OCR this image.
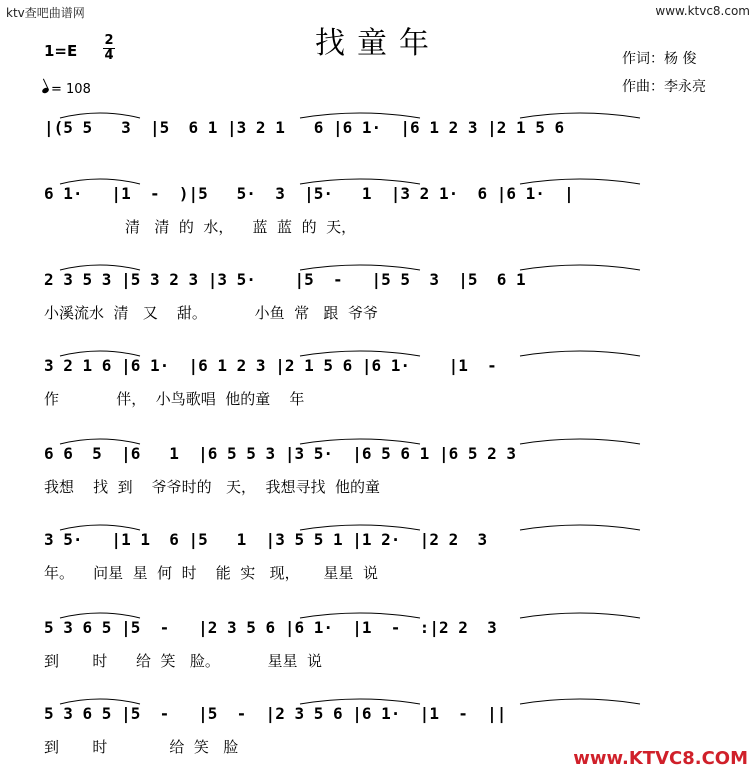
ktv查吧曲谱网	www.ktvc8.com
找童年
1=E
2
4
= 108
作词：杨 俊
作曲：李永亮
|(5 5   3  |5  6 1 |3 2 1   6 |6 1·  |6 1 2 3 |2 1 5 6
6 1·   |1  -  )|5   5·  3  |5·   1  |3 2 1·  6 |6 1·  |
清   清  的  水，    蓝  蓝  的  天，
2 3 5 3 |5 3 2 3 |3 5·    |5  -   |5 5  3  |5  6 1
小溪流水  清   又    甜。          小鱼  常   跟  爷爷
3 2 1 6 |6 1·  |6 1 2 3 |2 1 5 6 |6 1·    |1  -
作            伴，  小鸟歌唱  他的童    年
6 6  5  |6   1  |6 5 5 3 |3 5·  |6 5 6 1 |6 5 2 3
我想    找  到    爷爷时的   天，  我想寻找  他的童
3 5·   |1 1  6 |5   1  |3 5 5 1 |1 2·  |2 2  3
年。    问星  星  何  时    能  实   现，     星星  说
5 3 6 5 |5  -   |2 3 5 6 |6 1·  |1  -  :|2 2  3
到       时      给  笑   脸。          星星  说
5 3 6 5 |5  -   |5  -  |2 3 5 6 |6 1·  |1  -  ||
到       时             给  笑   脸
www.KTVC8.COM
